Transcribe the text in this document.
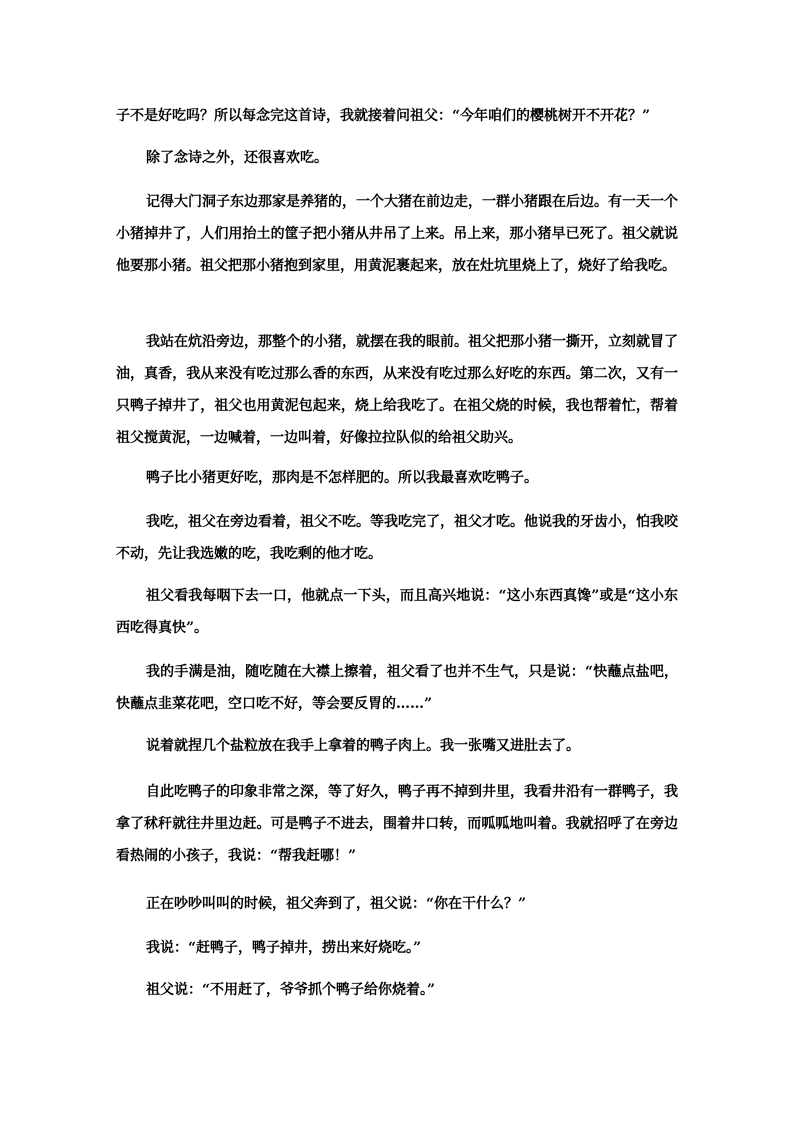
子不是好吃吗？所以每念完这首诗，我就接着问祖父：“今年咱们的樱桃树开不开花？”

除了念诗之外，还很喜欢吃。

记得大门洞子东边那家是养猪的，一个大猪在前边走，一群小猪跟在后边。有一天一个小猪掉井了，人们用抬土的筐子把小猪从井吊了上来。吊上来，那小猪早已死了。祖父就说他要那小猪。祖父把那小猪抱到家里，用黄泥裹起来，放在灶坑里烧上了，烧好了给我吃。

我站在炕沿旁边，那整个的小猪，就摆在我的眼前。祖父把那小猪一撕开，立刻就冒了油，真香，我从来没有吃过那么香的东西，从来没有吃过那么好吃的东西。第二次，又有一只鸭子掉井了，祖父也用黄泥包起来，烧上给我吃了。在祖父烧的时候，我也帮着忙，帮着祖父搅黄泥，一边喊着，一边叫着，好像拉拉队似的给祖父助兴。

鸭子比小猪更好吃，那肉是不怎样肥的。所以我最喜欢吃鸭子。

我吃，祖父在旁边看着，祖父不吃。等我吃完了，祖父才吃。他说我的牙齿小，怕我咬不动，先让我选嫩的吃，我吃剩的他才吃。

祖父看我每咽下去一口，他就点一下头，而且高兴地说：“这小东西真馋”或是“这小东西吃得真快”。

我的手满是油，随吃随在大襟上擦着，祖父看了也并不生气，只是说：“快蘸点盐吧，快蘸点韭菜花吧，空口吃不好，等会要反胃的……”

说着就捏几个盐粒放在我手上拿着的鸭子肉上。我一张嘴又进肚去了。

自此吃鸭子的印象非常之深，等了好久，鸭子再不掉到井里，我看井沿有一群鸭子，我拿了秫秆就往井里边赶。可是鸭子不进去，围着井口转，而呱呱地叫着。我就招呼了在旁边看热闹的小孩子，我说：“帮我赶哪！”

正在吵吵叫叫的时候，祖父奔到了，祖父说：“你在干什么？”

我说：“赶鸭子，鸭子掉井，捞出来好烧吃。”

祖父说：“不用赶了，爷爷抓个鸭子给你烧着。”
